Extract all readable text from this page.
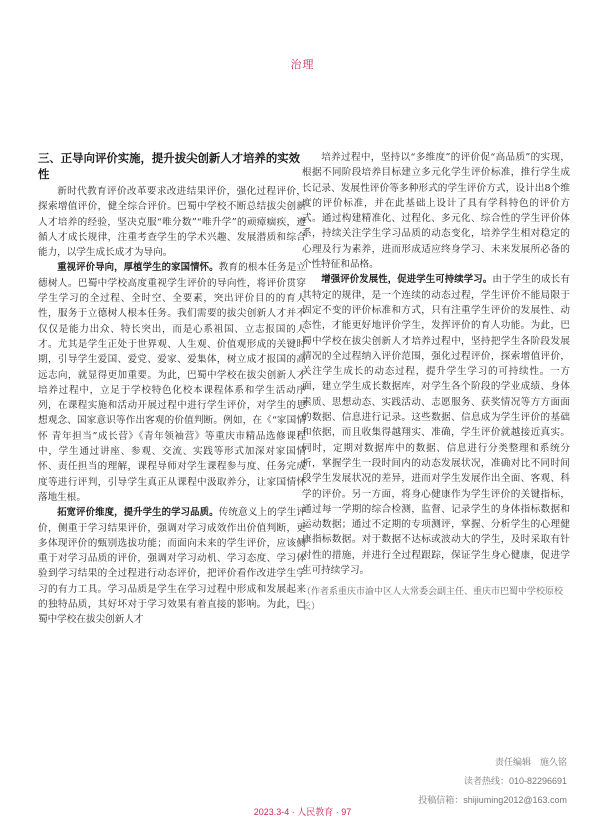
治理
三、正导向评价实施，提升拔尖创新人才培养的实效性

新时代教育评价改革要求改进结果评价，强化过程评价，探索增值评价，健全综合评价。巴蜀中学校不断总结拔尖创新人才培养的经验，坚决克服“唯分数”“唯升学”的顽瘴痼疾，遵循人才成长规律，注重考查学生的学术兴趣、发展潜质和综合能力，以学生成长成才为导向。

重视评价导向，厚植学生的家国情怀。教育的根本任务是立德树人。巴蜀中学校高度重视学生评价的导向性，将评价贯穿学生学习的全过程、全时空、全要素，突出评价目的的育人性，服务于立德树人根本任务。我们需要的拔尖创新人才并不仅仅是能力出众、特长突出，而是心系祖国、立志报国的人才。尤其是学生正处于世界观、人生观、价值观形成的关键时期，引导学生爱国、爱党、爱家、爱集体，树立成才报国的高远志向，就显得更加重要。为此，巴蜀中学校在拔尖创新人才培养过程中，立足于学校特色化校本课程体系和学生活动序列，在课程实施和活动开展过程中进行学生评价，对学生的思想观念、国家意识等作出客观的价值判断。例如，在《“家国情怀 青年担当”成长营》《青年领袖营》等重庆市精品选修课程中，学生通过讲座、参观、交流、实践等形式加深对家国情怀、责任担当的理解，课程导师对学生课程参与度、任务完成度等进行评判，引导学生真正从课程中汲取养分，让家国情怀落地生根。

拓宽评价维度，提升学生的学习品质。传统意义上的学生评价，侧重于学习结果评价，强调对学习成效作出价值判断，更多体现评价的甄别选拔功能；而面向未来的学生评价，应该侧重于对学习品质的评价，强调对学习动机、学习态度、学习体验到学习结果的全过程进行动态评价，把评价看作改进学生学习的有力工具。学习品质是学生在学习过程中形成和发展起来的独特品质，其好坏对于学习效果有着直接的影响。为此，巴蜀中学校在拔尖创新人才

培养过程中，坚持以“多维度”的评价促“高品质”的实现，根据不同阶段培养目标建立多元化学生评价标准，推行学生成长记录、发展性评价等多种形式的学生评价方式，设计出8个维度的评价标准，并在此基础上设计了具有学科特色的评价方式。通过构建精准化、过程化、多元化、综合性的学生评价体系，持续关注学生学习品质的动态变化，培养学生相对稳定的心理及行为素养，进而形成适应终身学习、未来发展所必备的个性特征和品格。

增强评价发展性，促进学生可持续学习。由于学生的成长有其特定的规律，是一个连续的动态过程，学生评价不能局限于固定不变的评价标准和方式，只有注重学生评价的发展性、动态性，才能更好地评价学生，发挥评价的育人功能。为此，巴蜀中学校在拔尖创新人才培养过程中，坚持把学生各阶段发展情况的全过程纳入评价范围，强化过程评价，探索增值评价，关注学生成长的动态过程，提升学生学习的可持续性。一方面，建立学生成长数据库，对学生各个阶段的学业成绩、身体素质、思想动态、实践活动、志愿服务、获奖情况等方方面面的数据、信息进行记录。这些数据、信息成为学生评价的基础和依据，而且收集得越翔实、准确，学生评价就越接近真实。同时，定期对数据库中的数据、信息进行分类整理和系统分析，掌握学生一段时间内的动态发展状况，准确对比不同时间段学生发展状况的差异，进而对学生发展作出全面、客观、科学的评价。另一方面，将身心健康作为学生评价的关键指标，通过每一学期的综合检测，监督、记录学生的身体指标数据和运动数据；通过不定期的专项测评，掌握、分析学生的心理健康指标数据。对于数据不达标或波动大的学生，及时采取有针对性的措施，并进行全过程跟踪，保证学生身心健康，促进学生可持续学习。

（作者系重庆市渝中区人大常委会副主任、重庆市巴蜀中学校原校长）
责任编辑　施久铭
读者热线：010-82296691
投稿信箱：shijiuming2012@163.com
2023.3-4 · 人民教育 · 97
